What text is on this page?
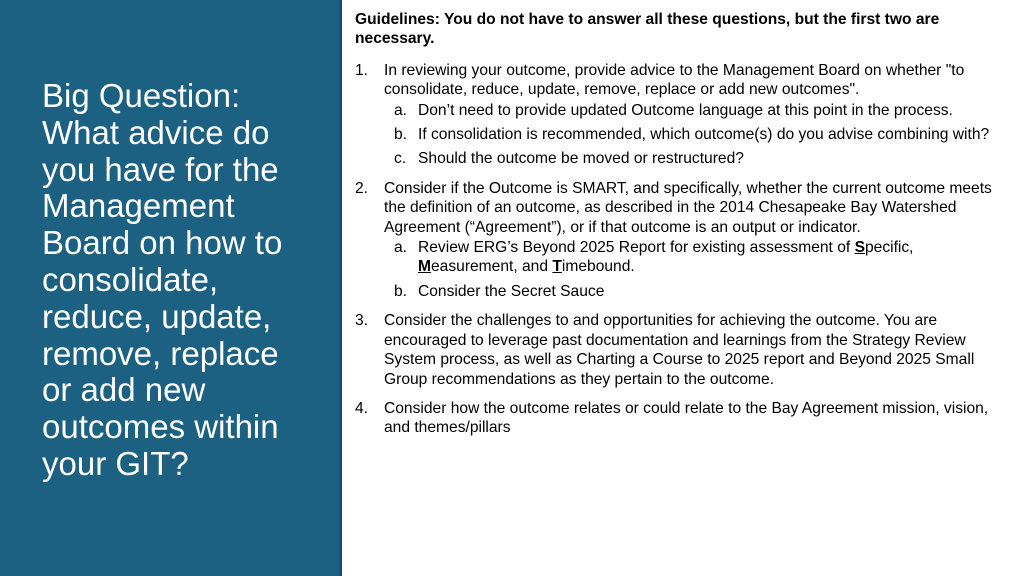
Big Question:
What advice do
you have for the
Management
Board on how to
consolidate,
reduce, update,
remove, replace
or add new
outcomes within
your GIT?

Guidelines: You do not have to answer all these questions, but the first two are necessary.

1. In reviewing your outcome, provide advice to the Management Board on whether "to consolidate, reduce, update, remove, replace or add new outcomes".
a. Don’t need to provide updated Outcome language at this point in the process.
b. If consolidation is recommended, which outcome(s) do you advise combining with?
c. Should the outcome be moved or restructured?
2. Consider if the Outcome is SMART, and specifically, whether the current outcome meets the definition of an outcome, as described in the 2014 Chesapeake Bay Watershed Agreement (“Agreement”), or if that outcome is an output or indicator.
a. Review ERG’s Beyond 2025 Report for existing assessment of Specific, Measurement, and Timebound.
b. Consider the Secret Sauce
3. Consider the challenges to and opportunities for achieving the outcome. You are encouraged to leverage past documentation and learnings from the Strategy Review System process, as well as Charting a Course to 2025 report and Beyond 2025 Small Group recommendations as they pertain to the outcome.
4. Consider how the outcome relates or could relate to the Bay Agreement mission, vision, and themes/pillars
